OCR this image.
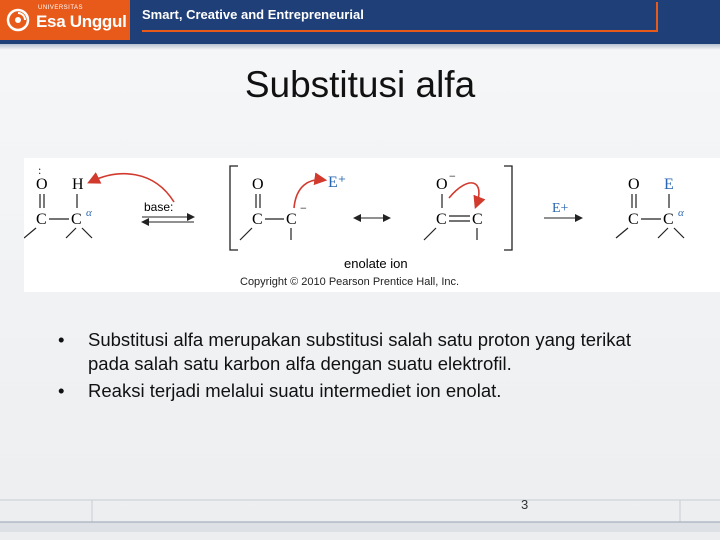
UNIVERSITAS
Esa Unggul Smart, Creative and Entrepreneurial
Substitusi alfa
O
:
H
C C α	base:
O
C C
−
E⁺	O −
C C
enolate ion
E+
O E
C C α
Copyright © 2010 Pearson Prentice Hall, Inc.
• Substitusi alfa merupakan substitusi salah satu proton yang terikat pada salah satu karbon alfa dengan suatu elektrofil.
• Reaksi terjadi melalui suatu intermediet ion enolat.
3
